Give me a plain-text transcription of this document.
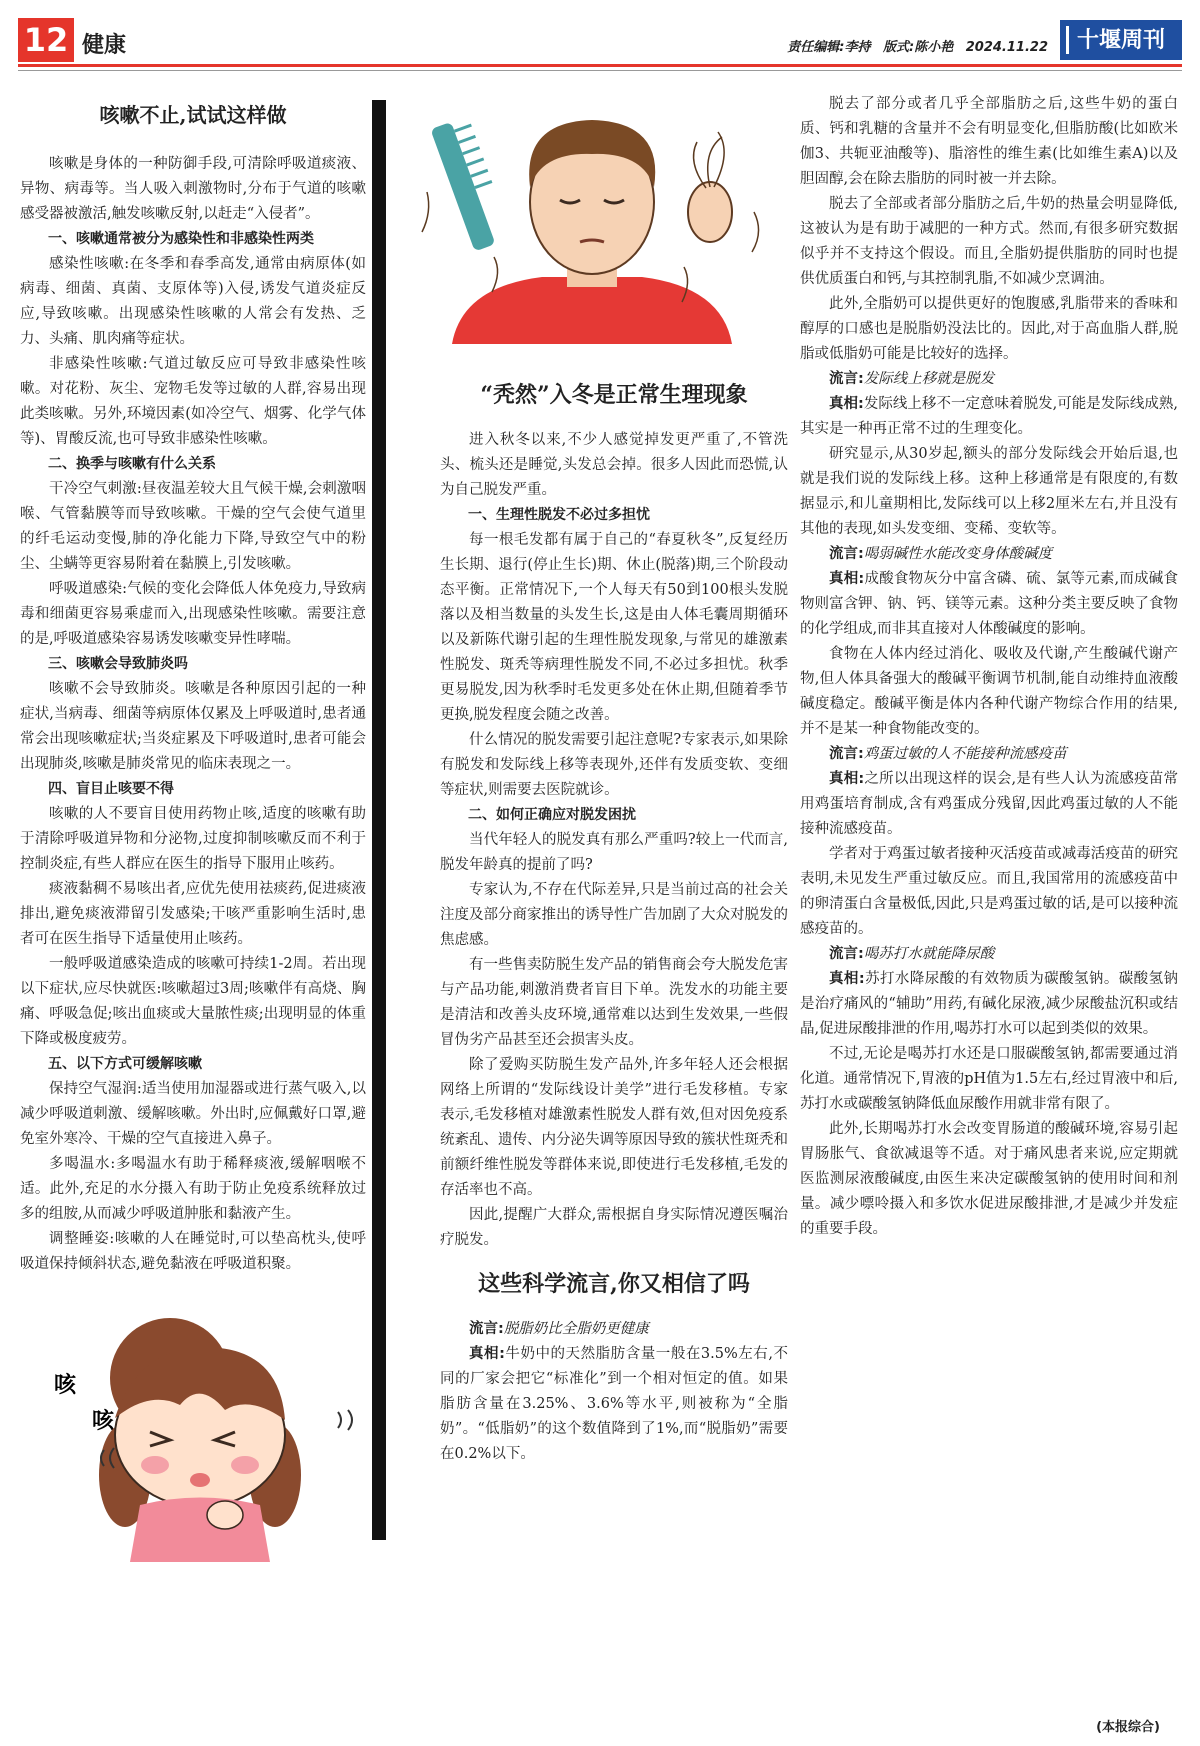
12 健康	责任编辑:李持 版式:陈小艳 2024.11.22	十堰周刊
咳嗽不止,试试这样做

咳嗽是身体的一种防御手段,可清除呼吸道痰液、异物、病毒等。当人吸入刺激物时,分布于气道的咳嗽感受器被激活,触发咳嗽反射,以赶走“入侵者”。

一、咳嗽通常被分为感染性和非感染性两类

感染性咳嗽:在冬季和春季高发,通常由病原体(如病毒、细菌、真菌、支原体等)入侵,诱发气道炎症反应,导致咳嗽。出现感染性咳嗽的人常会有发热、乏力、头痛、肌肉痛等症状。

非感染性咳嗽:气道过敏反应可导致非感染性咳嗽。对花粉、灰尘、宠物毛发等过敏的人群,容易出现此类咳嗽。另外,环境因素(如冷空气、烟雾、化学气体等)、胃酸反流,也可导致非感染性咳嗽。

二、换季与咳嗽有什么关系

干冷空气刺激:昼夜温差较大且气候干燥,会刺激咽喉、气管黏膜等而导致咳嗽。干燥的空气会使气道里的纤毛运动变慢,肺的净化能力下降,导致空气中的粉尘、尘螨等更容易附着在黏膜上,引发咳嗽。

呼吸道感染:气候的变化会降低人体免疫力,导致病毒和细菌更容易乘虚而入,出现感染性咳嗽。需要注意的是,呼吸道感染容易诱发咳嗽变异性哮喘。

三、咳嗽会导致肺炎吗

咳嗽不会导致肺炎。咳嗽是各种原因引起的一种症状,当病毒、细菌等病原体仅累及上呼吸道时,患者通常会出现咳嗽症状;当炎症累及下呼吸道时,患者可能会出现肺炎,咳嗽是肺炎常见的临床表现之一。

四、盲目止咳要不得

咳嗽的人不要盲目使用药物止咳,适度的咳嗽有助于清除呼吸道异物和分泌物,过度抑制咳嗽反而不利于控制炎症,有些人群应在医生的指导下服用止咳药。

痰液黏稠不易咳出者,应优先使用祛痰药,促进痰液排出,避免痰液滞留引发感染;干咳严重影响生活时,患者可在医生指导下适量使用止咳药。

一般呼吸道感染造成的咳嗽可持续1-2周。若出现以下症状,应尽快就医:咳嗽超过3周;咳嗽伴有高烧、胸痛、呼吸急促;咳出血痰或大量脓性痰;出现明显的体重下降或极度疲劳。

五、以下方式可缓解咳嗽

保持空气湿润:适当使用加湿器或进行蒸气吸入,以减少呼吸道刺激、缓解咳嗽。外出时,应佩戴好口罩,避免室外寒冷、干燥的空气直接进入鼻子。

多喝温水:多喝温水有助于稀释痰液,缓解咽喉不适。此外,充足的水分摄入有助于防止免疫系统释放过多的组胺,从而减少呼吸道肿胀和黏液产生。

调整睡姿:咳嗽的人在睡觉时,可以垫高枕头,使呼吸道保持倾斜状态,避免黏液在呼吸道积聚。

咳
咳
“秃然”入冬是正常生理现象

进入秋冬以来,不少人感觉掉发更严重了,不管洗头、梳头还是睡觉,头发总会掉。很多人因此而恐慌,认为自己脱发严重。

一、生理性脱发不必过多担忧

每一根毛发都有属于自己的“春夏秋冬”,反复经历生长期、退行(停止生长)期、休止(脱落)期,三个阶段动态平衡。正常情况下,一个人每天有50到100根头发脱落以及相当数量的头发生长,这是由人体毛囊周期循环以及新陈代谢引起的生理性脱发现象,与常见的雄激素性脱发、斑秃等病理性脱发不同,不必过多担忧。秋季更易脱发,因为秋季时毛发更多处在休止期,但随着季节更换,脱发程度会随之改善。

什么情况的脱发需要引起注意呢?专家表示,如果除有脱发和发际线上移等表现外,还伴有发质变软、变细等症状,则需要去医院就诊。

二、如何正确应对脱发困扰

当代年轻人的脱发真有那么严重吗?较上一代而言,脱发年龄真的提前了吗?

专家认为,不存在代际差异,只是当前过高的社会关注度及部分商家推出的诱导性广告加剧了大众对脱发的焦虑感。

有一些售卖防脱生发产品的销售商会夸大脱发危害与产品功能,刺激消费者盲目下单。洗发水的功能主要是清洁和改善头皮环境,通常难以达到生发效果,一些假冒伪劣产品甚至还会损害头皮。

除了爱购买防脱生发产品外,许多年轻人还会根据网络上所谓的“发际线设计美学”进行毛发移植。专家表示,毛发移植对雄激素性脱发人群有效,但对因免疫系统紊乱、遗传、内分泌失调等原因导致的簇状性斑秃和前额纤维性脱发等群体来说,即使进行毛发移植,毛发的存活率也不高。

因此,提醒广大群众,需根据自身实际情况遵医嘱治疗脱发。

这些科学流言,你又相信了吗

流言:脱脂奶比全脂奶更健康

真相:牛奶中的天然脂肪含量一般在3.5%左右,不同的厂家会把它“标准化”到一个相对恒定的值。如果脂肪含量在3.25%、3.6%等水平,则被称为“全脂奶”。“低脂奶”的这个数值降到了1%,而“脱脂奶”需要在0.2%以下。

脱去了部分或者几乎全部脂肪之后,这些牛奶的蛋白质、钙和乳糖的含量并不会有明显变化,但脂肪酸(比如欧米伽3、共轭亚油酸等)、脂溶性的维生素(比如维生素A)以及胆固醇,会在除去脂肪的同时被一并去除。

脱去了全部或者部分脂肪之后,牛奶的热量会明显降低,这被认为是有助于减肥的一种方式。然而,有很多研究数据似乎并不支持这个假设。而且,全脂奶提供脂肪的同时也提供优质蛋白和钙,与其控制乳脂,不如减少烹调油。

此外,全脂奶可以提供更好的饱腹感,乳脂带来的香味和醇厚的口感也是脱脂奶没法比的。因此,对于高血脂人群,脱脂或低脂奶可能是比较好的选择。

流言:发际线上移就是脱发

真相:发际线上移不一定意味着脱发,可能是发际线成熟,其实是一种再正常不过的生理变化。

研究显示,从30岁起,额头的部分发际线会开始后退,也就是我们说的发际线上移。这种上移通常是有限度的,有数据显示,和儿童期相比,发际线可以上移2厘米左右,并且没有其他的表现,如头发变细、变稀、变软等。

流言:喝弱碱性水能改变身体酸碱度

真相:成酸食物灰分中富含磷、硫、氯等元素,而成碱食物则富含钾、钠、钙、镁等元素。这种分类主要反映了食物的化学组成,而非其直接对人体酸碱度的影响。

食物在人体内经过消化、吸收及代谢,产生酸碱代谢产物,但人体具备强大的酸碱平衡调节机制,能自动维持血液酸碱度稳定。酸碱平衡是体内各种代谢产物综合作用的结果,并不是某一种食物能改变的。

流言:鸡蛋过敏的人不能接种流感疫苗

真相:之所以出现这样的误会,是有些人认为流感疫苗常用鸡蛋培育制成,含有鸡蛋成分残留,因此鸡蛋过敏的人不能接种流感疫苗。

学者对于鸡蛋过敏者接种灭活疫苗或减毒活疫苗的研究表明,未见发生严重过敏反应。而且,我国常用的流感疫苗中的卵清蛋白含量极低,因此,只是鸡蛋过敏的话,是可以接种流感疫苗的。

流言:喝苏打水就能降尿酸

真相:苏打水降尿酸的有效物质为碳酸氢钠。碳酸氢钠是治疗痛风的“辅助”用药,有碱化尿液,减少尿酸盐沉积或结晶,促进尿酸排泄的作用,喝苏打水可以起到类似的效果。

不过,无论是喝苏打水还是口服碳酸氢钠,都需要通过消化道。通常情况下,胃液的pH值为1.5左右,经过胃液中和后,苏打水或碳酸氢钠降低血尿酸作用就非常有限了。

此外,长期喝苏打水会改变胃肠道的酸碱环境,容易引起胃肠胀气、食欲减退等不适。对于痛风患者来说,应定期就医监测尿液酸碱度,由医生来决定碳酸氢钠的使用时间和剂量。减少嘌呤摄入和多饮水促进尿酸排泄,才是减少并发症的重要手段。

(本报综合)
